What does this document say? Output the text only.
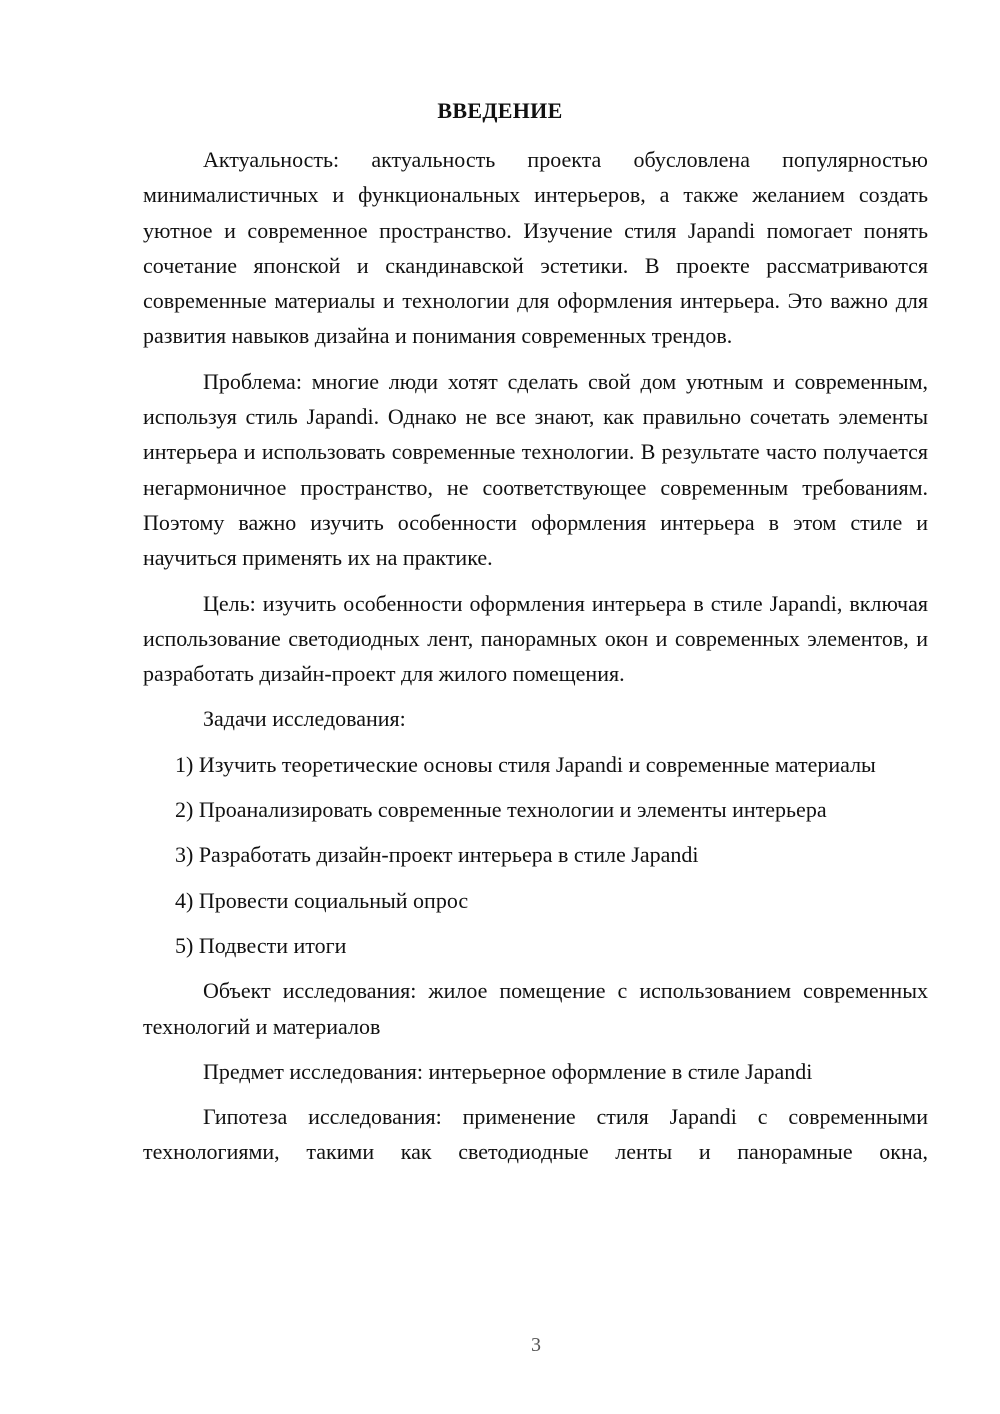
ВВЕДЕНИЕ

Актуальность: актуальность проекта обусловлена популярностью минималистичных и функциональных интерьеров, а также желанием создать уютное и современное пространство. Изучение стиля Japandi помогает понять сочетание японской и скандинавской эстетики. В проекте рассматриваются современные материалы и технологии для оформления интерьера. Это важно для развития навыков дизайна и понимания современных трендов.

Проблема: многие люди хотят сделать свой дом уютным и современным, используя стиль Japandi. Однако не все знают, как правильно сочетать элементы интерьера и использовать современные технологии. В результате часто получается негармоничное пространство, не соответствующее современным требованиям. Поэтому важно изучить особенности оформления интерьера в этом стиле и научиться применять их на практике.

Цель: изучить особенности оформления интерьера в стиле Japandi, включая использование светодиодных лент, панорамных окон и современных элементов, и разработать дизайн-проект для жилого помещения.

Задачи исследования:

1) Изучить теоретические основы стиля Japandi и современные материалы

2) Проанализировать современные технологии и элементы интерьера

3) Разработать дизайн-проект интерьера в стиле Japandi

4) Провести социальный опрос

5) Подвести итоги

Объект исследования: жилое помещение с использованием современных технологий и материалов

Предмет исследования: интерьерное оформление в стиле Japandi

Гипотеза исследования: применение стиля Japandi с современными технологиями, такими как светодиодные ленты и панорамные окна,

3
